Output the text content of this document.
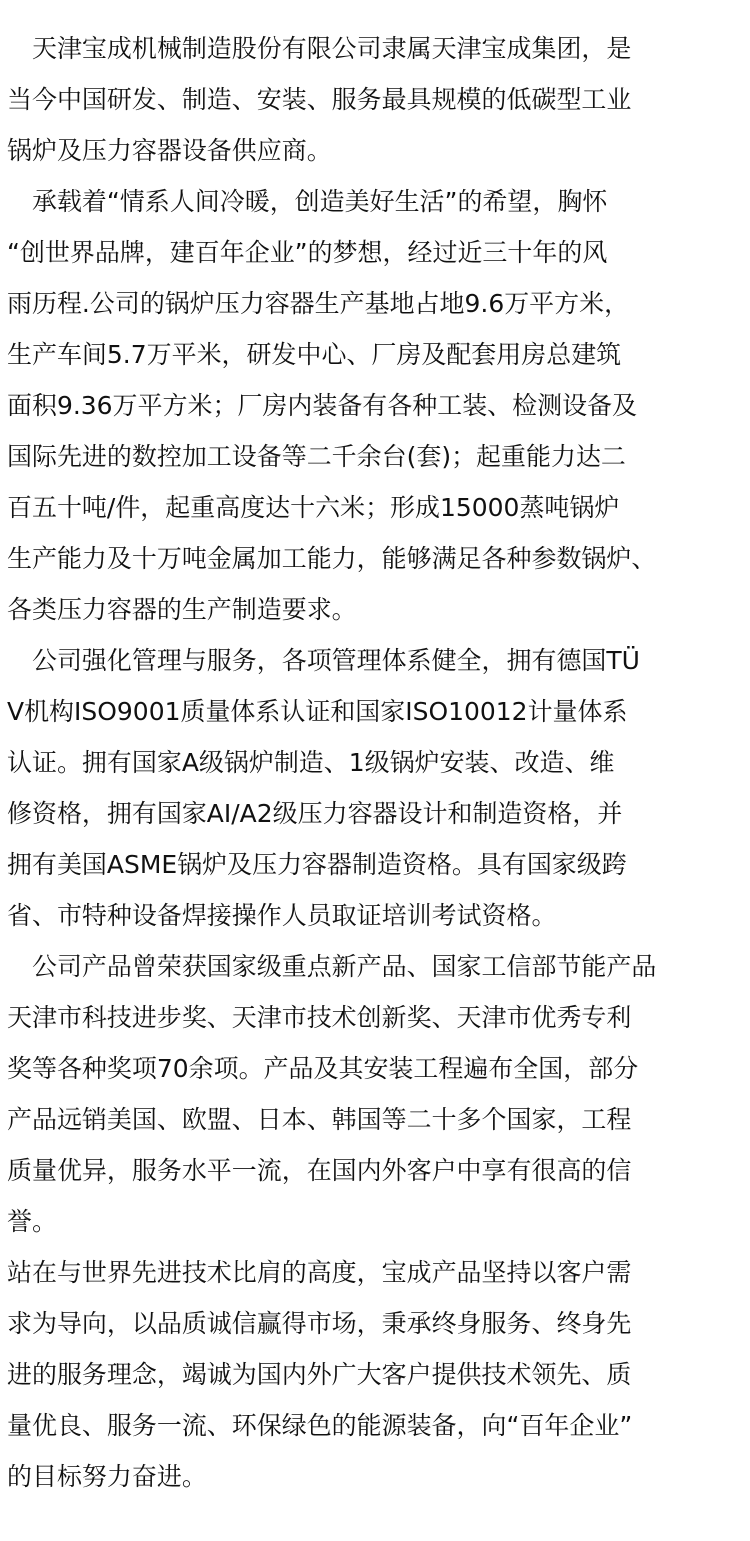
　天津宝成机械制造股份有限公司隶属天津宝成集团，是
当今中国研发、制造、安装、服务最具规模的低碳型工业
锅炉及压力容器设备供应商。

　承载着“情系人间冷暖，创造美好生活”的希望，胸怀
“创世界品牌，建百年企业”的梦想，经过近三十年的风
雨历程.公司的锅炉压力容器生产基地占地9.6万平方米，
生产车间5.7万平米，研发中心、厂房及配套用房总建筑
面积9.36万平方米；厂房内装备有各种工装、检测设备及
国际先进的数控加工设备等二千余台(套)；起重能力达二
百五十吨/件，起重高度达十六米；形成15000蒸吨锅炉
生产能力及十万吨金属加工能力，能够满足各种参数锅炉、
各类压力容器的生产制造要求。

　公司强化管理与服务，各项管理体系健全，拥有德国TÜ
V机构ISO9001质量体系认证和国家ISO10012计量体系
认证。拥有国家A级锅炉制造、1级锅炉安装、改造、维
修资格，拥有国家AI/A2级压力容器设计和制造资格，并
拥有美国ASME锅炉及压力容器制造资格。具有国家级跨
省、市特种设备焊接操作人员取证培训考试资格。

　公司产品曾荣获国家级重点新产品、国家工信部节能产品
天津市科技进步奖、天津市技术创新奖、天津市优秀专利
奖等各种奖项70余项。产品及其安装工程遍布全国，部分
产品远销美国、欧盟、日本、韩国等二十多个国家，工程
质量优异，服务水平一流，在国内外客户中享有很高的信
誉。

站在与世界先进技术比肩的高度，宝成产品坚持以客户需
求为导向，以品质诚信赢得市场，秉承终身服务、终身先
进的服务理念，竭诚为国内外广大客户提供技术领先、质
量优良、服务一流、环保绿色的能源装备，向“百年企业”
的目标努力奋进。
